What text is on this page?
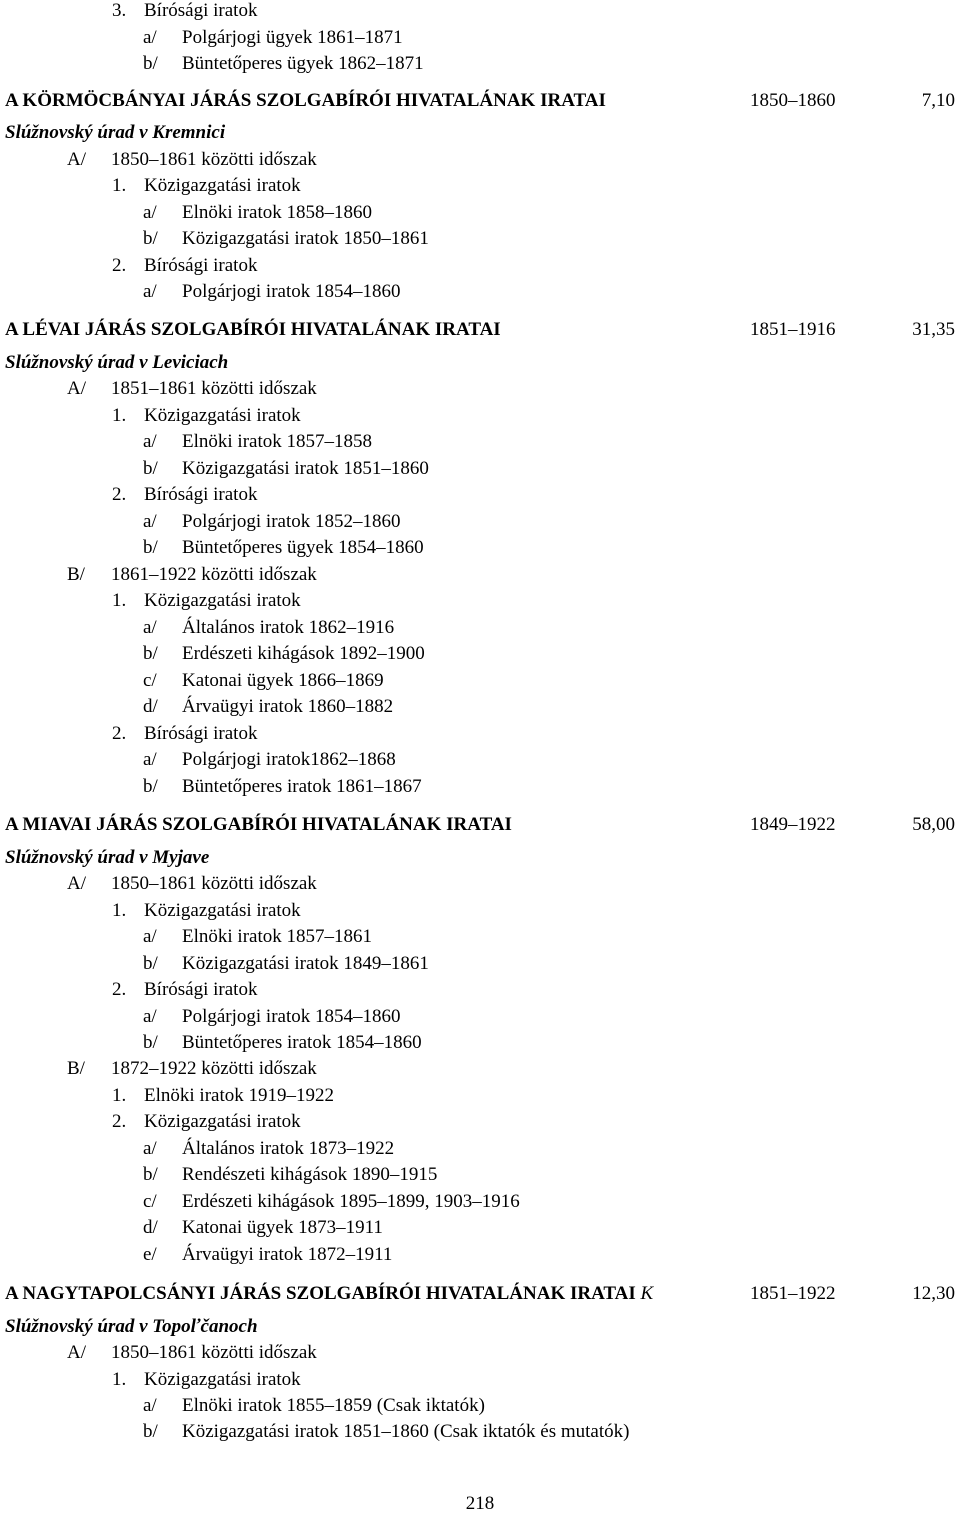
3. Bírósági iratok
a/ Polgárjogi ügyek 1861–1871
b/ Büntetőperes ügyek 1862–1871
A KÖRMÖCBÁNYAI JÁRÁS SZOLGABÍRÓI HIVATALÁNAK IRATAI	1850–1860	7,10
Slúžnovský úrad v Kremnici
A/ 1850–1861 közötti időszak
1. Közigazgatási iratok
a/ Elnöki iratok 1858–1860
b/ Közigazgatási iratok 1850–1861
2. Bírósági iratok
a/ Polgárjogi iratok 1854–1860
A LÉVAI JÁRÁS SZOLGABÍRÓI HIVATALÁNAK IRATAI	1851–1916	31,35
Slúžnovský úrad v Leviciach
A/ 1851–1861 közötti időszak
1. Közigazgatási iratok
a/ Elnöki iratok 1857–1858
b/ Közigazgatási iratok 1851–1860
2. Bírósági iratok
a/ Polgárjogi iratok 1852–1860
b/ Büntetőperes ügyek 1854–1860
B/ 1861–1922 közötti időszak
1. Közigazgatási iratok
a/ Általános iratok 1862–1916
b/ Erdészeti kihágások 1892–1900
c/ Katonai ügyek 1866–1869
d/ Árvaügyi iratok 1860–1882
2. Bírósági iratok
a/ Polgárjogi iratok1862–1868
b/ Büntetőperes iratok 1861–1867
A MIAVAI JÁRÁS SZOLGABÍRÓI HIVATALÁNAK IRATAI	1849–1922	58,00
Slúžnovský úrad v Myjave
A/ 1850–1861 közötti időszak
1. Közigazgatási iratok
a/ Elnöki iratok 1857–1861
b/ Közigazgatási iratok 1849–1861
2. Bírósági iratok
a/ Polgárjogi iratok 1854–1860
b/ Büntetőperes iratok 1854–1860
B/ 1872–1922 közötti időszak
1. Elnöki iratok 1919–1922
2. Közigazgatási iratok
a/ Általános iratok 1873–1922
b/ Rendészeti kihágások 1890–1915
c/ Erdészeti kihágások 1895–1899, 1903–1916
d/ Katonai ügyek 1873–1911
e/ Árvaügyi iratok 1872–1911
A NAGYTAPOLCSÁNYI JÁRÁS SZOLGABÍRÓI HIVATALÁNAK IRATAI K	1851–1922	12,30
Slúžnovský úrad v Topoľčanoch
A/ 1850–1861 közötti időszak
1. Közigazgatási iratok
a/ Elnöki iratok 1855–1859 (Csak iktatók)
b/ Közigazgatási iratok 1851–1860 (Csak iktatók és mutatók)
218
